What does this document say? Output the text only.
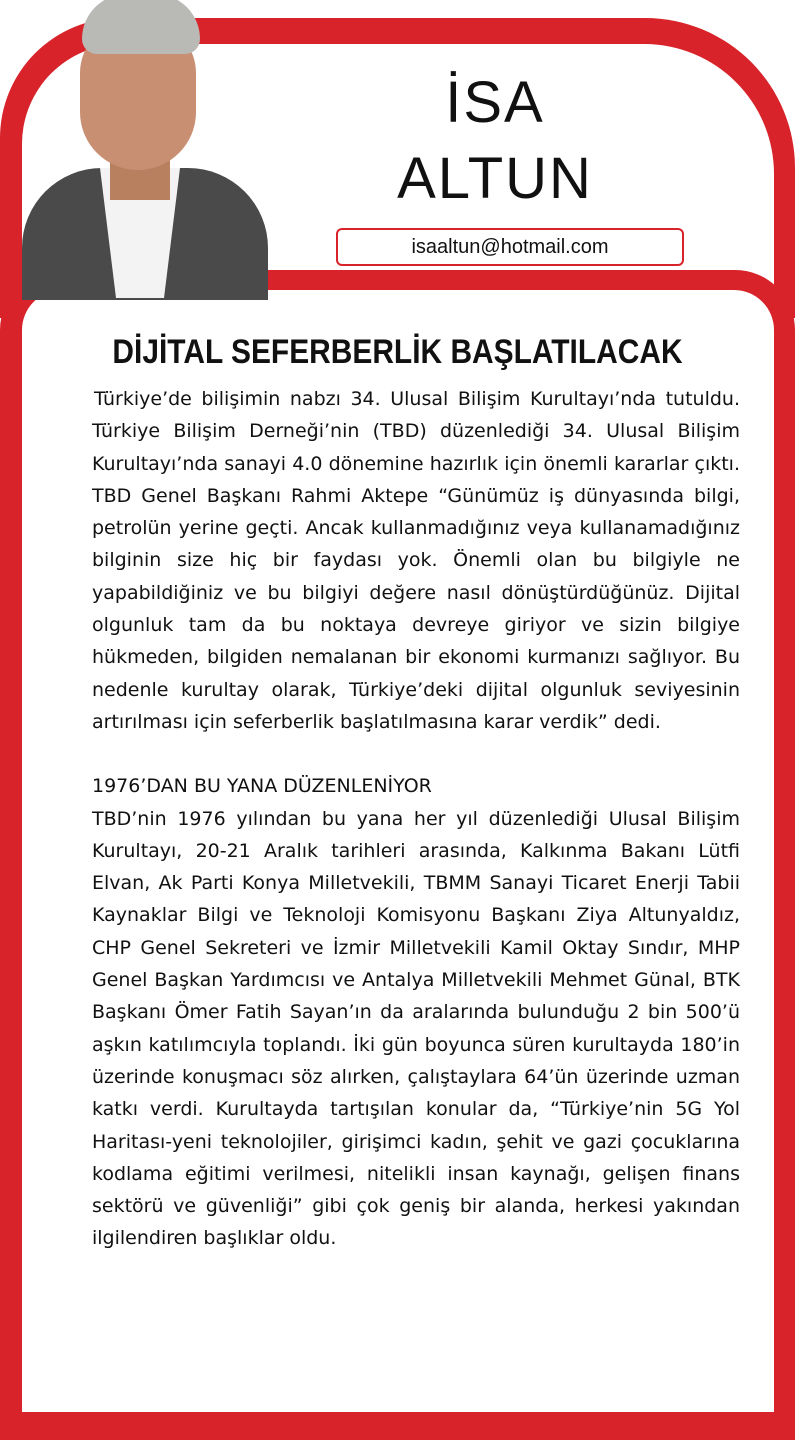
İSA
ALTUN
isaaltun@hotmail.com
DİJİTAL SEFERBERLİK BAŞLATILACAK

Türkiye’de bilişimin nabzı 34. Ulusal Bilişim Kurultayı’nda tutuldu. Türkiye Bilişim Derneği’nin (TBD) düzenlediği 34. Ulusal Bilişim Kurultayı’nda sanayi 4.0 dönemine hazırlık için önemli kararlar çıktı. TBD Genel Başkanı Rahmi Aktepe “Günümüz iş dünyasında bilgi, petrolün yerine geçti. Ancak kullanmadığınız veya kullanamadığınız bilginin size hiç bir faydası yok. Önemli olan bu bilgiyle ne yapabildiğiniz ve bu bilgiyi değere nasıl dönüştürdüğünüz. Dijital olgunluk tam da bu noktaya devreye giriyor ve sizin bilgiye hükmeden, bilgiden nemalanan bir ekonomi kurmanızı sağlıyor. Bu nedenle kurultay olarak, Türkiye’deki dijital olgunluk seviyesinin artırılması için seferberlik başlatılmasına karar verdik” dedi.

1976’DAN BU YANA DÜZENLENİYOR

TBD’nin 1976 yılından bu yana her yıl düzenlediği Ulusal Bilişim Kurultayı, 20-21 Aralık tarihleri arasında, Kalkınma Bakanı Lütfi Elvan, Ak Parti Konya Milletvekili, TBMM Sanayi Ticaret Enerji Tabii Kaynaklar Bilgi ve Teknoloji Komisyonu Başkanı Ziya Altunyaldız, CHP Genel Sekreteri ve İzmir Milletvekili Kamil Oktay Sındır, MHP Genel Başkan Yardımcısı ve Antalya Milletvekili Mehmet Günal, BTK Başkanı Ömer Fatih Sayan’ın da aralarında bulunduğu 2 bin 500’ü aşkın katılımcıyla toplandı. İki gün boyunca süren kurultayda 180’in üzerinde konuşmacı söz alırken, çalıştaylara 64’ün üzerinde uzman katkı verdi. Kurultayda tartışılan konular da, “Türkiye’nin 5G Yol Haritası-yeni teknolojiler, girişimci kadın, şehit ve gazi çocuklarına kodlama eğitimi verilmesi, nitelikli insan kaynağı, gelişen finans sektörü ve güvenliği” gibi çok geniş bir alanda, herkesi yakından ilgilendiren başlıklar oldu.
